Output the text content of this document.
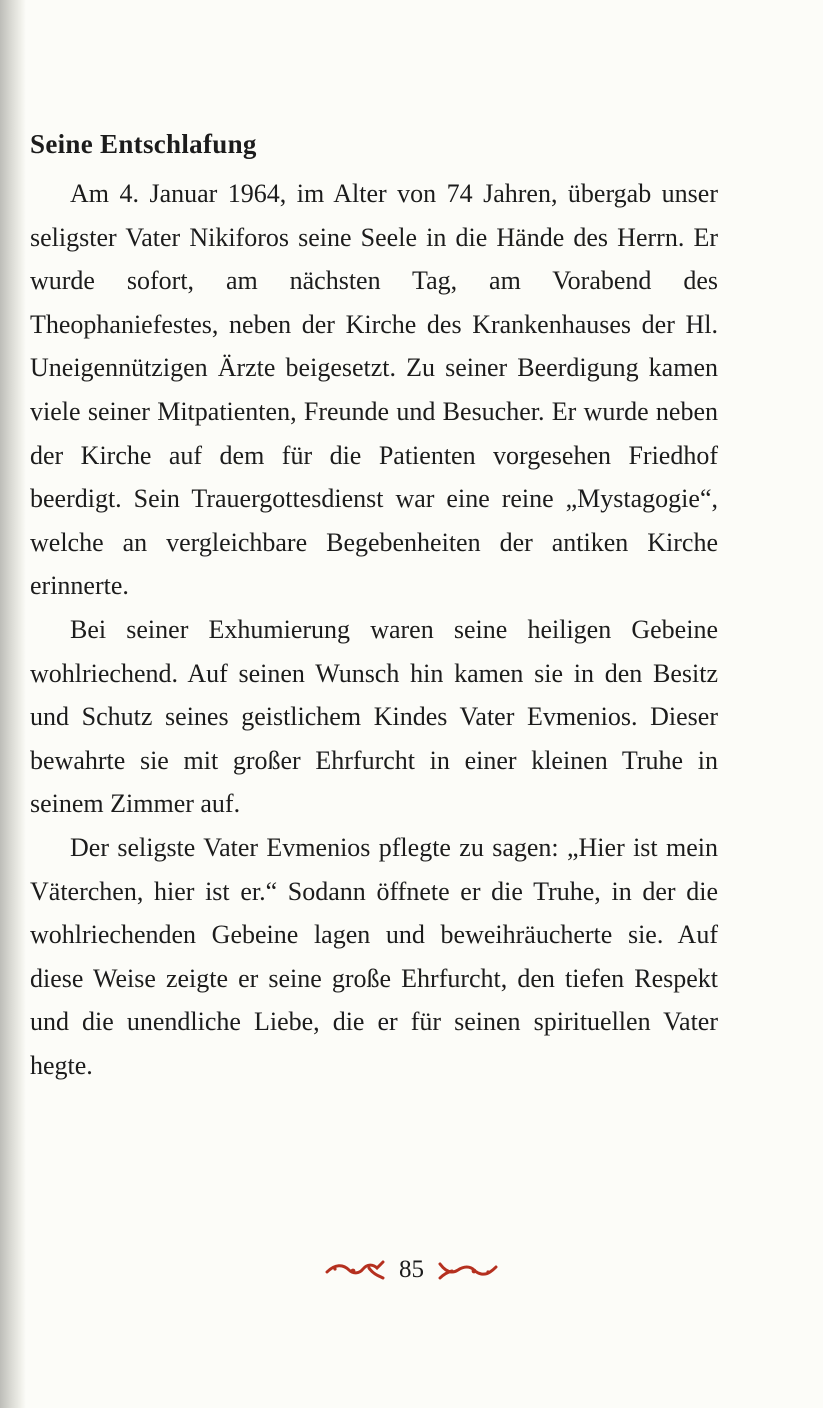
Seine Entschlafung

Am 4. Januar 1964, im Alter von 74 Jahren, übergab unser seligster Vater Nikiforos seine Seele in die Hände des Herrn. Er wurde sofort, am nächsten Tag, am Vorabend des Theophaniefestes, neben der Kirche des Krankenhauses der Hl. Uneigennützigen Ärzte beigesetzt. Zu seiner Beerdigung kamen viele seiner Mitpatienten, Freunde und Besucher. Er wurde neben der Kirche auf dem für die Patienten vorgesehen Friedhof beerdigt. Sein Trauergottesdienst war eine reine „Mystagogie“, welche an vergleichbare Begebenheiten der antiken Kirche erinnerte.

Bei seiner Exhumierung waren seine heiligen Gebeine wohlriechend. Auf seinen Wunsch hin kamen sie in den Besitz und Schutz seines geistlichem Kindes Vater Evmenios. Dieser bewahrte sie mit großer Ehrfurcht in einer kleinen Truhe in seinem Zimmer auf.

Der seligste Vater Evmenios pflegte zu sagen: „Hier ist mein Väterchen, hier ist er.“ Sodann öffnete er die Truhe, in der die wohlriechenden Gebeine lagen und beweihräucherte sie. Auf diese Weise zeigte er seine große Ehrfurcht, den tiefen Respekt und die unendliche Liebe, die er für seinen spirituellen Vater hegte.

85
